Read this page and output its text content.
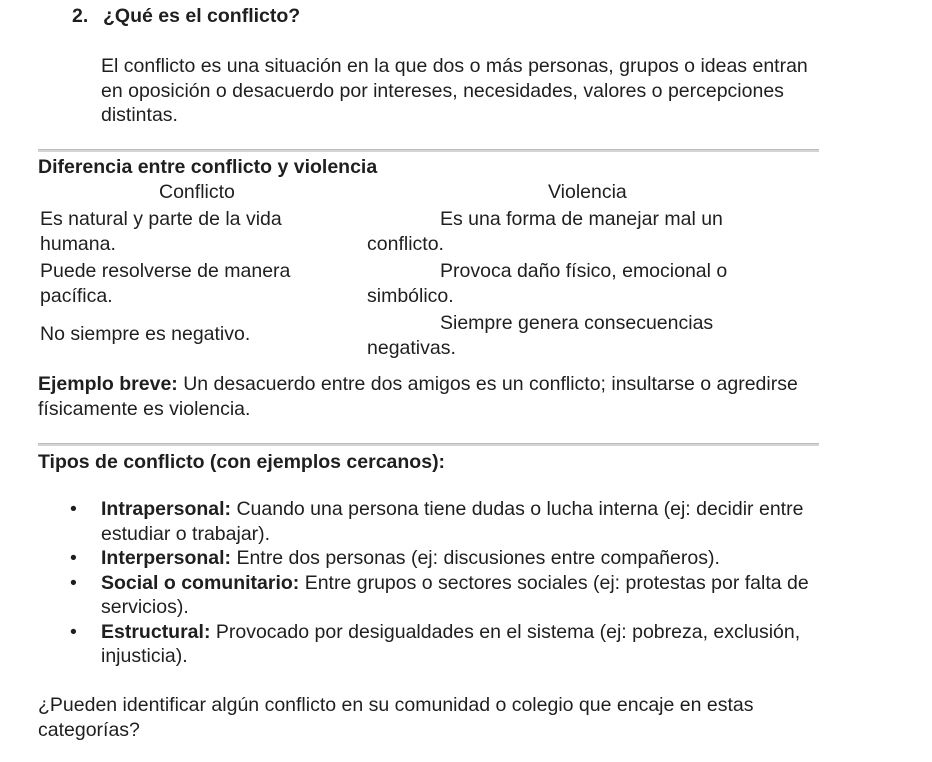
2. ¿Qué es el conflicto?
El conflicto es una situación en la que dos o más personas, grupos o ideas entran en oposición o desacuerdo por intereses, necesidades, valores o percepciones distintas.
Diferencia entre conflicto y violencia
Conflicto	Violencia
Es natural y parte de la vida
humana.
Es una forma de manejar mal un
conflicto.
Puede resolverse de manera
pacífica.
Provoca daño físico, emocional o
simbólico.
No siempre es negativo.	Siempre genera consecuencias
negativas.
Ejemplo breve: Un desacuerdo entre dos amigos es un conflicto; insultarse o agredirse físicamente es violencia.
Tipos de conflicto (con ejemplos cercanos):
• Intrapersonal: Cuando una persona tiene dudas o lucha interna (ej: decidir entre estudiar o trabajar).
• Interpersonal: Entre dos personas (ej: discusiones entre compañeros).
• Social o comunitario: Entre grupos o sectores sociales (ej: protestas por falta de servicios).
• Estructural: Provocado por desigualdades en el sistema (ej: pobreza, exclusión, injusticia).
¿Pueden identificar algún conflicto en su comunidad o colegio que encaje en estas categorías?
